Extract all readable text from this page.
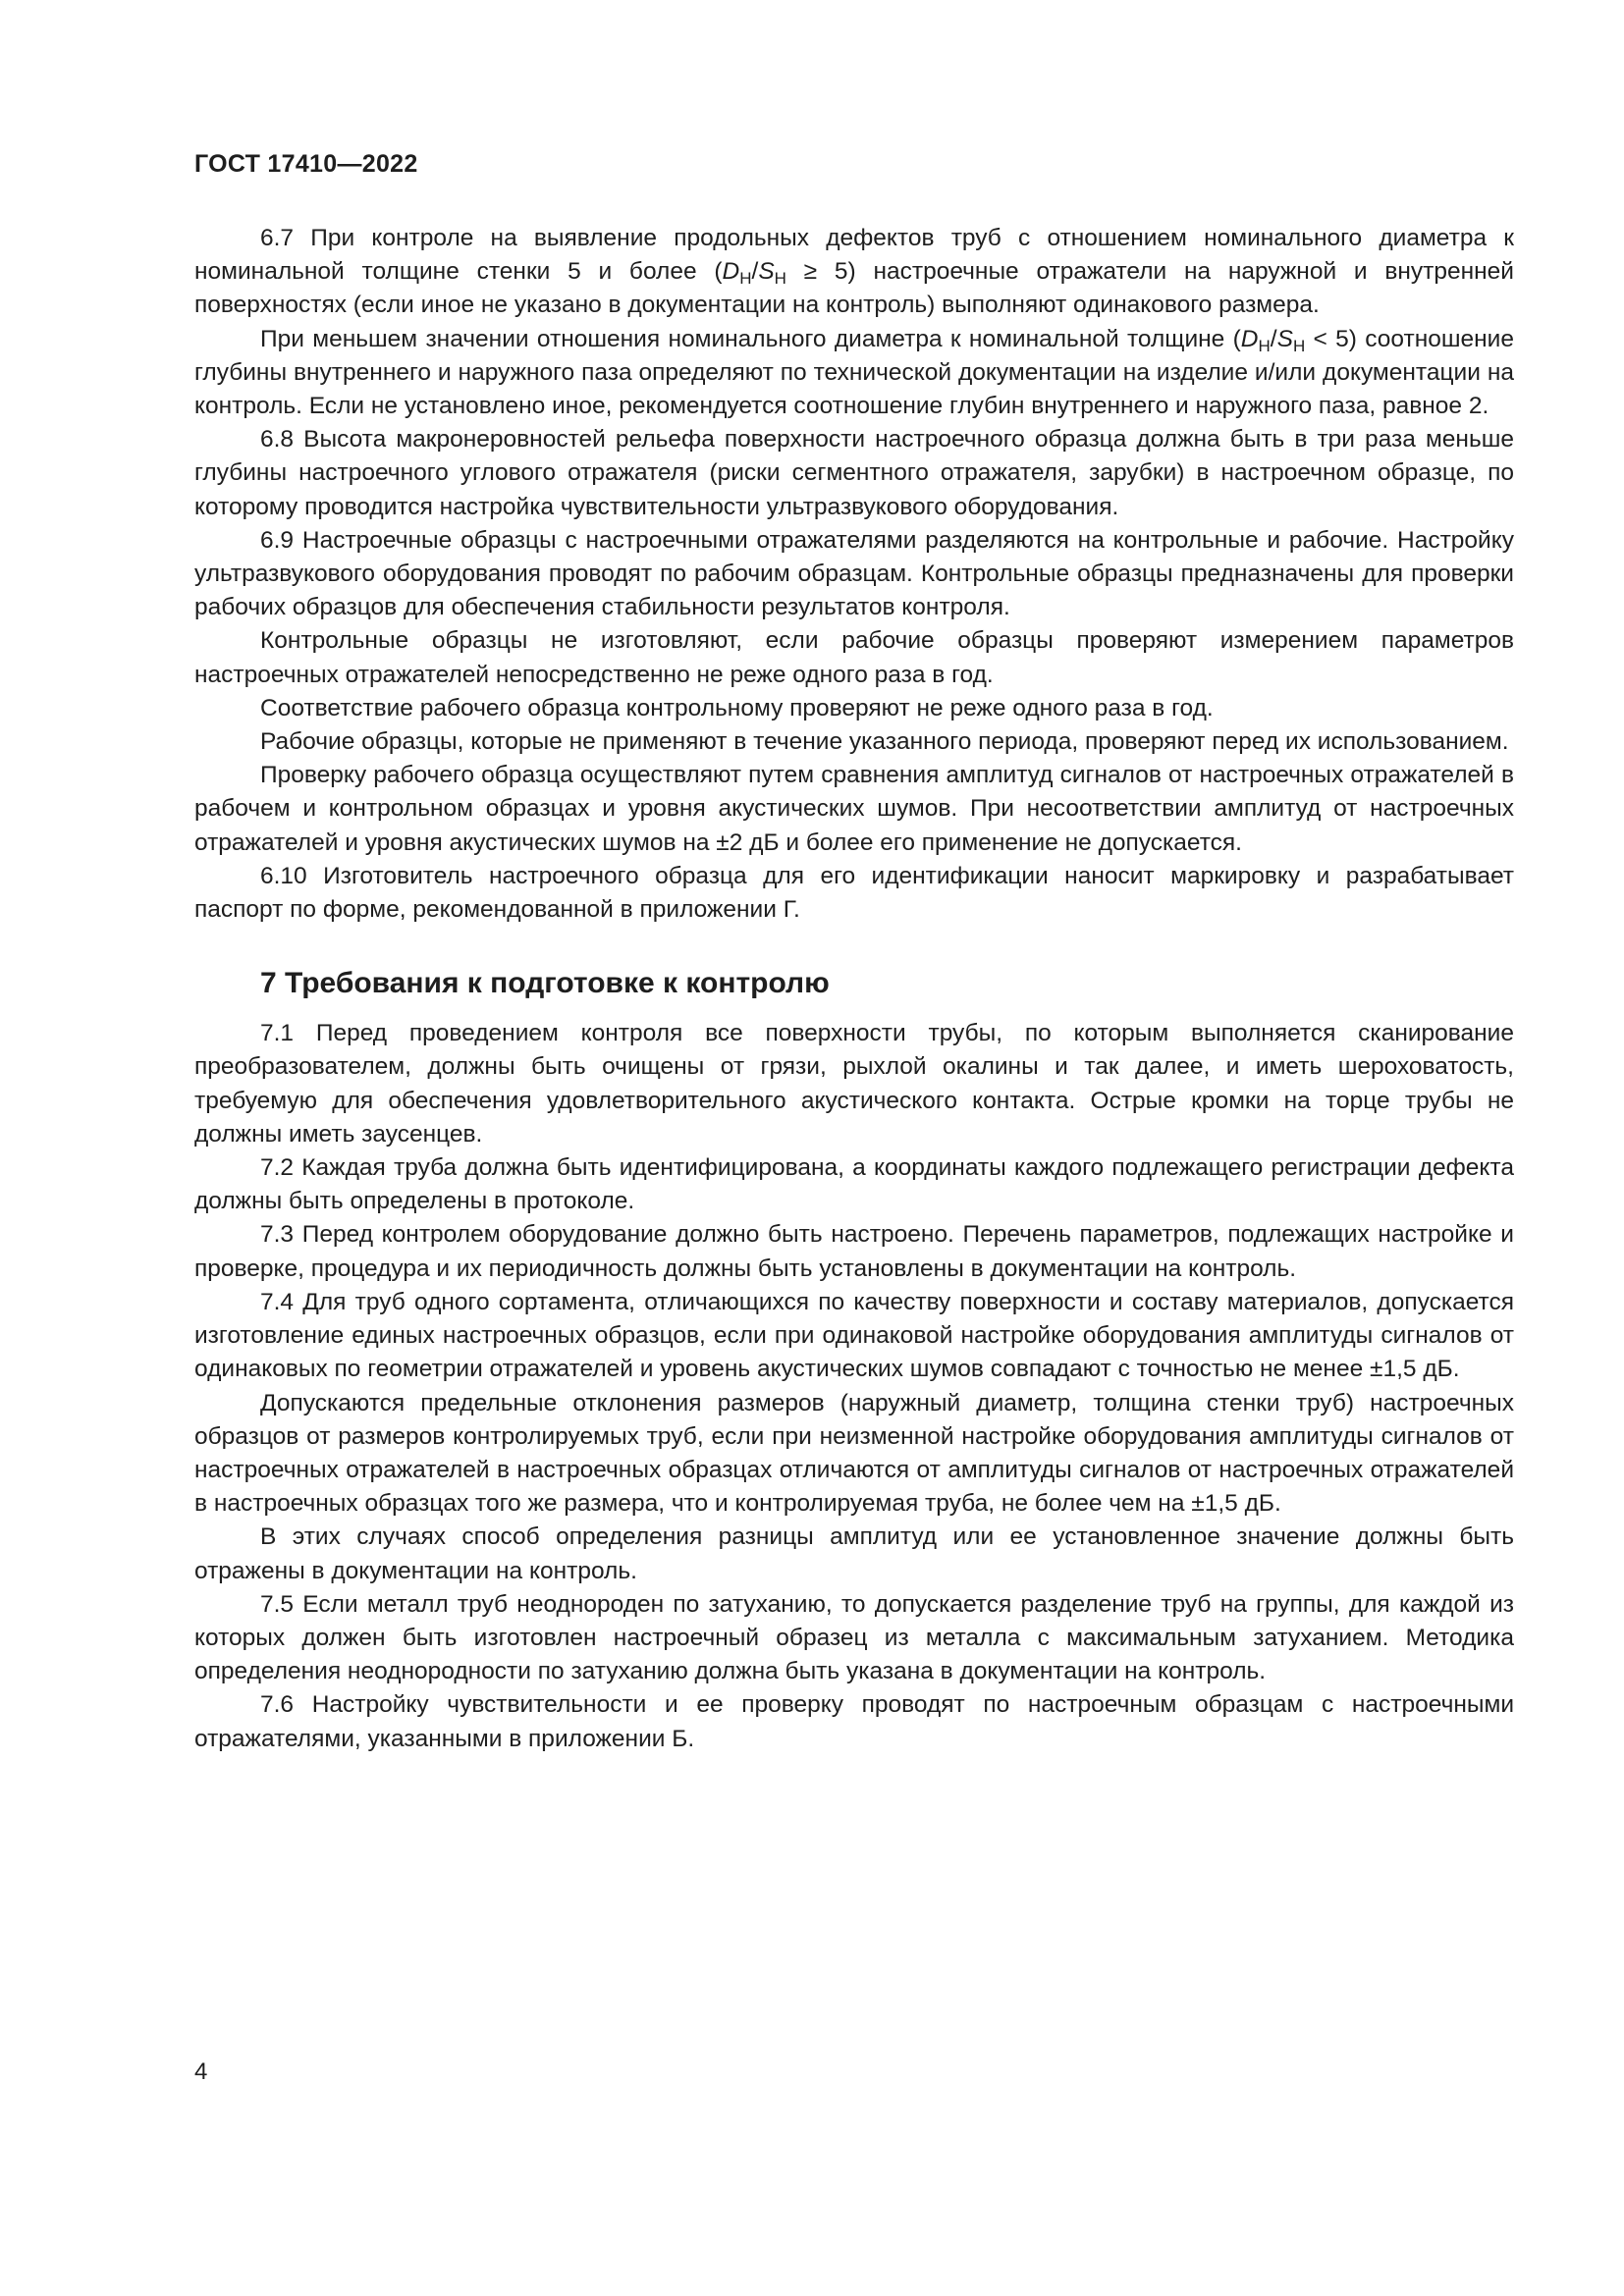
ГОСТ 17410—2022

6.7 При контроле на выявление продольных дефектов труб с отношением номинального диаметра к номинальной толщине стенки 5 и более $(D_Н/S_Н \ge 5)$ настроечные отражатели на наружной и внутренней поверхностях (если иное не указано в документации на контроль) выполняют одинакового размера.

При меньшем значении отношения номинального диаметра к номинальной толщине $(D_Н/S_Н < 5)$ соотношение глубины внутреннего и наружного паза определяют по технической документации на изделие и/или документации на контроль. Если не установлено иное, рекомендуется соотношение глубин внутреннего и наружного паза, равное 2.

6.8 Высота макронеровностей рельефа поверхности настроечного образца должна быть в три раза меньше глубины настроечного углового отражателя (риски сегментного отражателя, зарубки) в настроечном образце, по которому проводится настройка чувствительности ультразвукового оборудования.

6.9 Настроечные образцы с настроечными отражателями разделяются на контрольные и рабочие. Настройку ультразвукового оборудования проводят по рабочим образцам. Контрольные образцы предназначены для проверки рабочих образцов для обеспечения стабильности результатов контроля.

Контрольные образцы не изготовляют, если рабочие образцы проверяют измерением параметров настроечных отражателей непосредственно не реже одного раза в год.

Соответствие рабочего образца контрольному проверяют не реже одного раза в год.

Рабочие образцы, которые не применяют в течение указанного периода, проверяют перед их использованием.

Проверку рабочего образца осуществляют путем сравнения амплитуд сигналов от настроечных отражателей в рабочем и контрольном образцах и уровня акустических шумов. При несоответствии амплитуд от настроечных отражателей и уровня акустических шумов на ±2 дБ и более его применение не допускается.

6.10 Изготовитель настроечного образца для его идентификации наносит маркировку и разрабатывает паспорт по форме, рекомендованной в приложении Г.

7 Требования к подготовке к контролю

7.1 Перед проведением контроля все поверхности трубы, по которым выполняется сканирование преобразователем, должны быть очищены от грязи, рыхлой окалины и так далее, и иметь шероховатость, требуемую для обеспечения удовлетворительного акустического контакта. Острые кромки на торце трубы не должны иметь заусенцев.

7.2 Каждая труба должна быть идентифицирована, а координаты каждого подлежащего регистрации дефекта должны быть определены в протоколе.

7.3 Перед контролем оборудование должно быть настроено. Перечень параметров, подлежащих настройке и проверке, процедура и их периодичность должны быть установлены в документации на контроль.

7.4 Для труб одного сортамента, отличающихся по качеству поверхности и составу материалов, допускается изготовление единых настроечных образцов, если при одинаковой настройке оборудования амплитуды сигналов от одинаковых по геометрии отражателей и уровень акустических шумов совпадают с точностью не менее ±1,5 дБ.

Допускаются предельные отклонения размеров (наружный диаметр, толщина стенки труб) настроечных образцов от размеров контролируемых труб, если при неизменной настройке оборудования амплитуды сигналов от настроечных отражателей в настроечных образцах отличаются от амплитуды сигналов от настроечных отражателей в настроечных образцах того же размера, что и контролируемая труба, не более чем на ±1,5 дБ.

В этих случаях способ определения разницы амплитуд или ее установленное значение должны быть отражены в документации на контроль.

7.5 Если металл труб неоднороден по затуханию, то допускается разделение труб на группы, для каждой из которых должен быть изготовлен настроечный образец из металла с максимальным затуханием. Методика определения неоднородности по затуханию должна быть указана в документации на контроль.

7.6 Настройку чувствительности и ее проверку проводят по настроечным образцам с настроечными отражателями, указанными в приложении Б.

4
